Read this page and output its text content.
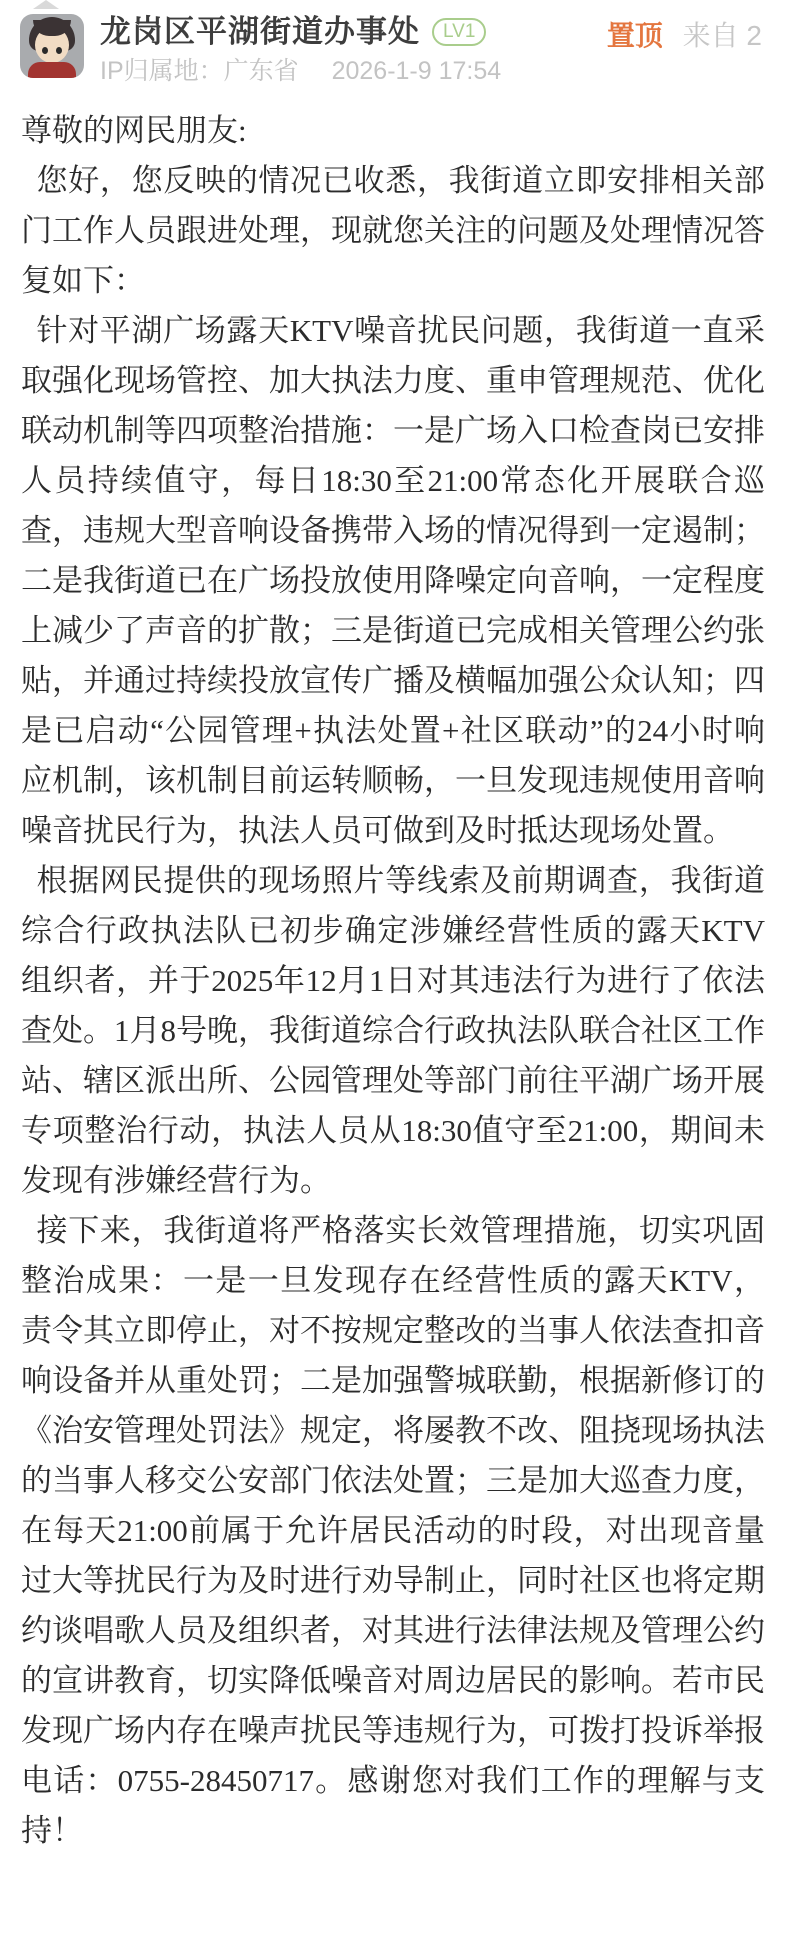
龙岗区平湖街道办事处	LV1
IP归属地：广东省 2026-1-9 17:54
置顶 来自 2

尊敬的网民朋友:

您好，您反映的情况已收悉，我街道立即安排相关部门工作人员跟进处理，现就您关注的问题及处理情况答复如下：

针对平湖广场露天KTV噪音扰民问题，我街道一直采取强化现场管控、加大执法力度、重申管理规范、优化联动机制等四项整治措施：一是广场入口检查岗已安排人员持续值守，每日18:30至21:00常态化开展联合巡查，违规大型音响设备携带入场的情况得到一定遏制；二是我街道已在广场投放使用降噪定向音响，一定程度上减少了声音的扩散；三是街道已完成相关管理公约张贴，并通过持续投放宣传广播及横幅加强公众认知；四是已启动“公园管理+执法处置+社区联动”的24小时响应机制，该机制目前运转顺畅，一旦发现违规使用音响噪音扰民行为，执法人员可做到及时抵达现场处置。

根据网民提供的现场照片等线索及前期调查，我街道综合行政执法队已初步确定涉嫌经营性质的露天KTV组织者，并于2025年12月1日对其违法行为进行了依法查处。1月8号晚，我街道综合行政执法队联合社区工作站、辖区派出所、公园管理处等部门前往平湖广场开展专项整治行动，执法人员从18:30值守至21:00，期间未发现有涉嫌经营行为。

接下来，我街道将严格落实长效管理措施，切实巩固整治成果：一是一旦发现存在经营性质的露天KTV，责令其立即停止，对不按规定整改的当事人依法查扣音响设备并从重处罚；二是加强警城联勤，根据新修订的《治安管理处罚法》规定，将屡教不改、阻挠现场执法的当事人移交公安部门依法处置；三是加大巡查力度，在每天21:00前属于允许居民活动的时段，对出现音量过大等扰民行为及时进行劝导制止，同时社区也将定期约谈唱歌人员及组织者，对其进行法律法规及管理公约的宣讲教育，切实降低噪音对周边居民的影响。若市民发现广场内存在噪声扰民等违规行为，可拨打投诉举报电话：0755-28450717。感谢您对我们工作的理解与支持！
